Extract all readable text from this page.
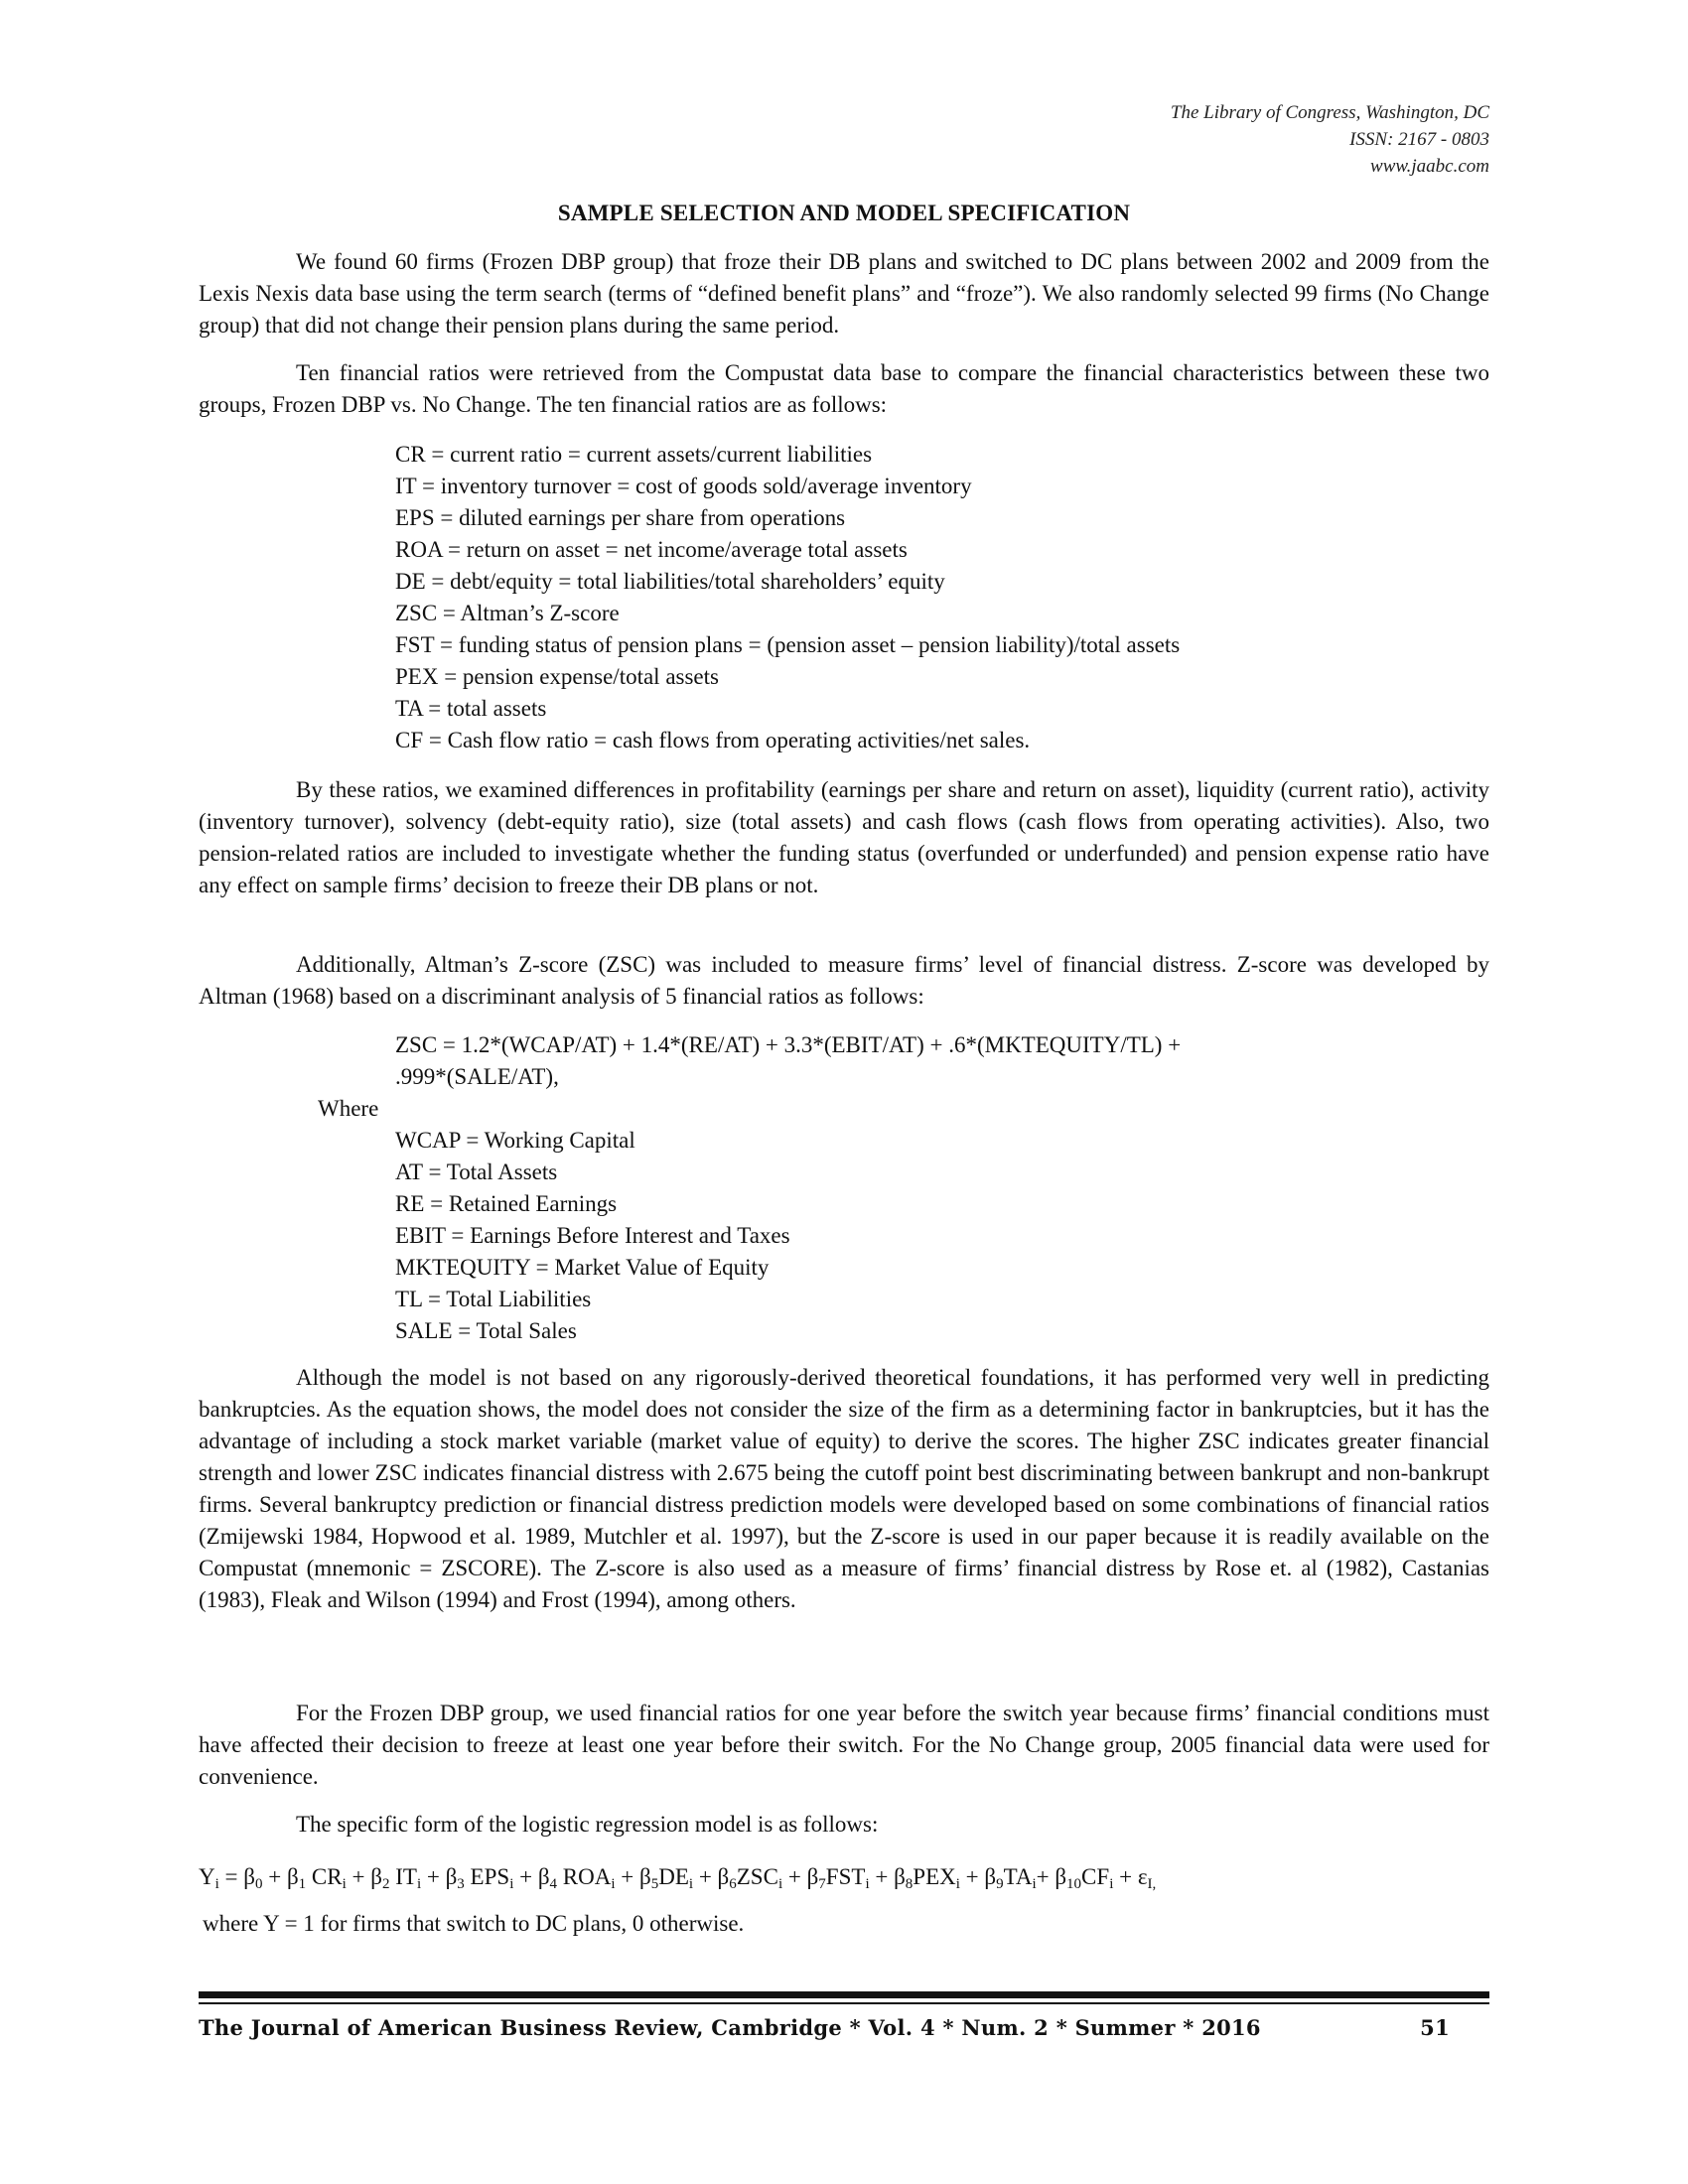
The Library of Congress, Washington, DC
ISSN: 2167 - 0803
www.jaabc.com
SAMPLE SELECTION AND MODEL SPECIFICATION

We found 60 firms (Frozen DBP group) that froze their DB plans and switched to DC plans between 2002 and 2009 from the Lexis Nexis data base using the term search (terms of “defined benefit plans” and “froze”). We also randomly selected 99 firms (No Change group) that did not change their pension plans during the same period.

Ten financial ratios were retrieved from the Compustat data base to compare the financial characteristics between these two groups, Frozen DBP vs. No Change. The ten financial ratios are as follows:

CR = current ratio = current assets/current liabilities
IT = inventory turnover = cost of goods sold/average inventory
EPS = diluted earnings per share from operations
ROA = return on asset = net income/average total assets
DE = debt/equity = total liabilities/total shareholders’ equity
ZSC = Altman’s Z-score
FST = funding status of pension plans = (pension asset – pension liability)/total assets
PEX = pension expense/total assets
TA = total assets
CF = Cash flow ratio = cash flows from operating activities/net sales.

By these ratios, we examined differences in profitability (earnings per share and return on asset), liquidity (current ratio), activity (inventory turnover), solvency (debt-equity ratio), size (total assets) and cash flows (cash flows from operating activities). Also, two pension-related ratios are included to investigate whether the funding status (overfunded or underfunded) and pension expense ratio have any effect on sample firms’ decision to freeze their DB plans or not.

Additionally, Altman’s Z-score (ZSC) was included to measure firms’ level of financial distress. Z-score was developed by Altman (1968) based on a discriminant analysis of 5 financial ratios as follows:

ZSC = 1.2*(WCAP/AT) + 1.4*(RE/AT) + 3.3*(EBIT/AT) + .6*(MKTEQUITY/TL) +
.999*(SALE/AT),
Where
WCAP = Working Capital
AT = Total Assets
RE = Retained Earnings
EBIT = Earnings Before Interest and Taxes
MKTEQUITY = Market Value of Equity
TL = Total Liabilities
SALE = Total Sales

Although the model is not based on any rigorously-derived theoretical foundations, it has performed very well in predicting bankruptcies. As the equation shows, the model does not consider the size of the firm as a determining factor in bankruptcies, but it has the advantage of including a stock market variable (market value of equity) to derive the scores. The higher ZSC indicates greater financial strength and lower ZSC indicates financial distress with 2.675 being the cutoff point best discriminating between bankrupt and non-bankrupt firms. Several bankruptcy prediction or financial distress prediction models were developed based on some combinations of financial ratios (Zmijewski 1984, Hopwood et al. 1989, Mutchler et al. 1997), but the Z-score is used in our paper because it is readily available on the Compustat (mnemonic = ZSCORE). The Z-score is also used as a measure of firms’ financial distress by Rose et. al (1982), Castanias (1983), Fleak and Wilson (1994) and Frost (1994), among others.

For the Frozen DBP group, we used financial ratios for one year before the switch year because firms’ financial conditions must have affected their decision to freeze at least one year before their switch. For the No Change group, 2005 financial data were used for convenience.

The specific form of the logistic regression model is as follows:

$Y_i = \beta_0 + \beta_1$ $CR_i + \beta_2$ $IT_i + \beta_3$ $EPS_i + \beta_4$ $ROA_i + \beta_5DE_i + \beta_6ZSC_i + \beta_7FST_i + \beta_8PEX_i + \beta_9TA_i+ \beta_{10}CF_i + \varepsilon_{I,}$
where Y = 1 for firms that switch to DC plans, 0 otherwise.
The Journal of American Business Review, Cambridge * Vol. 4 * Num. 2 * Summer * 2016	51
